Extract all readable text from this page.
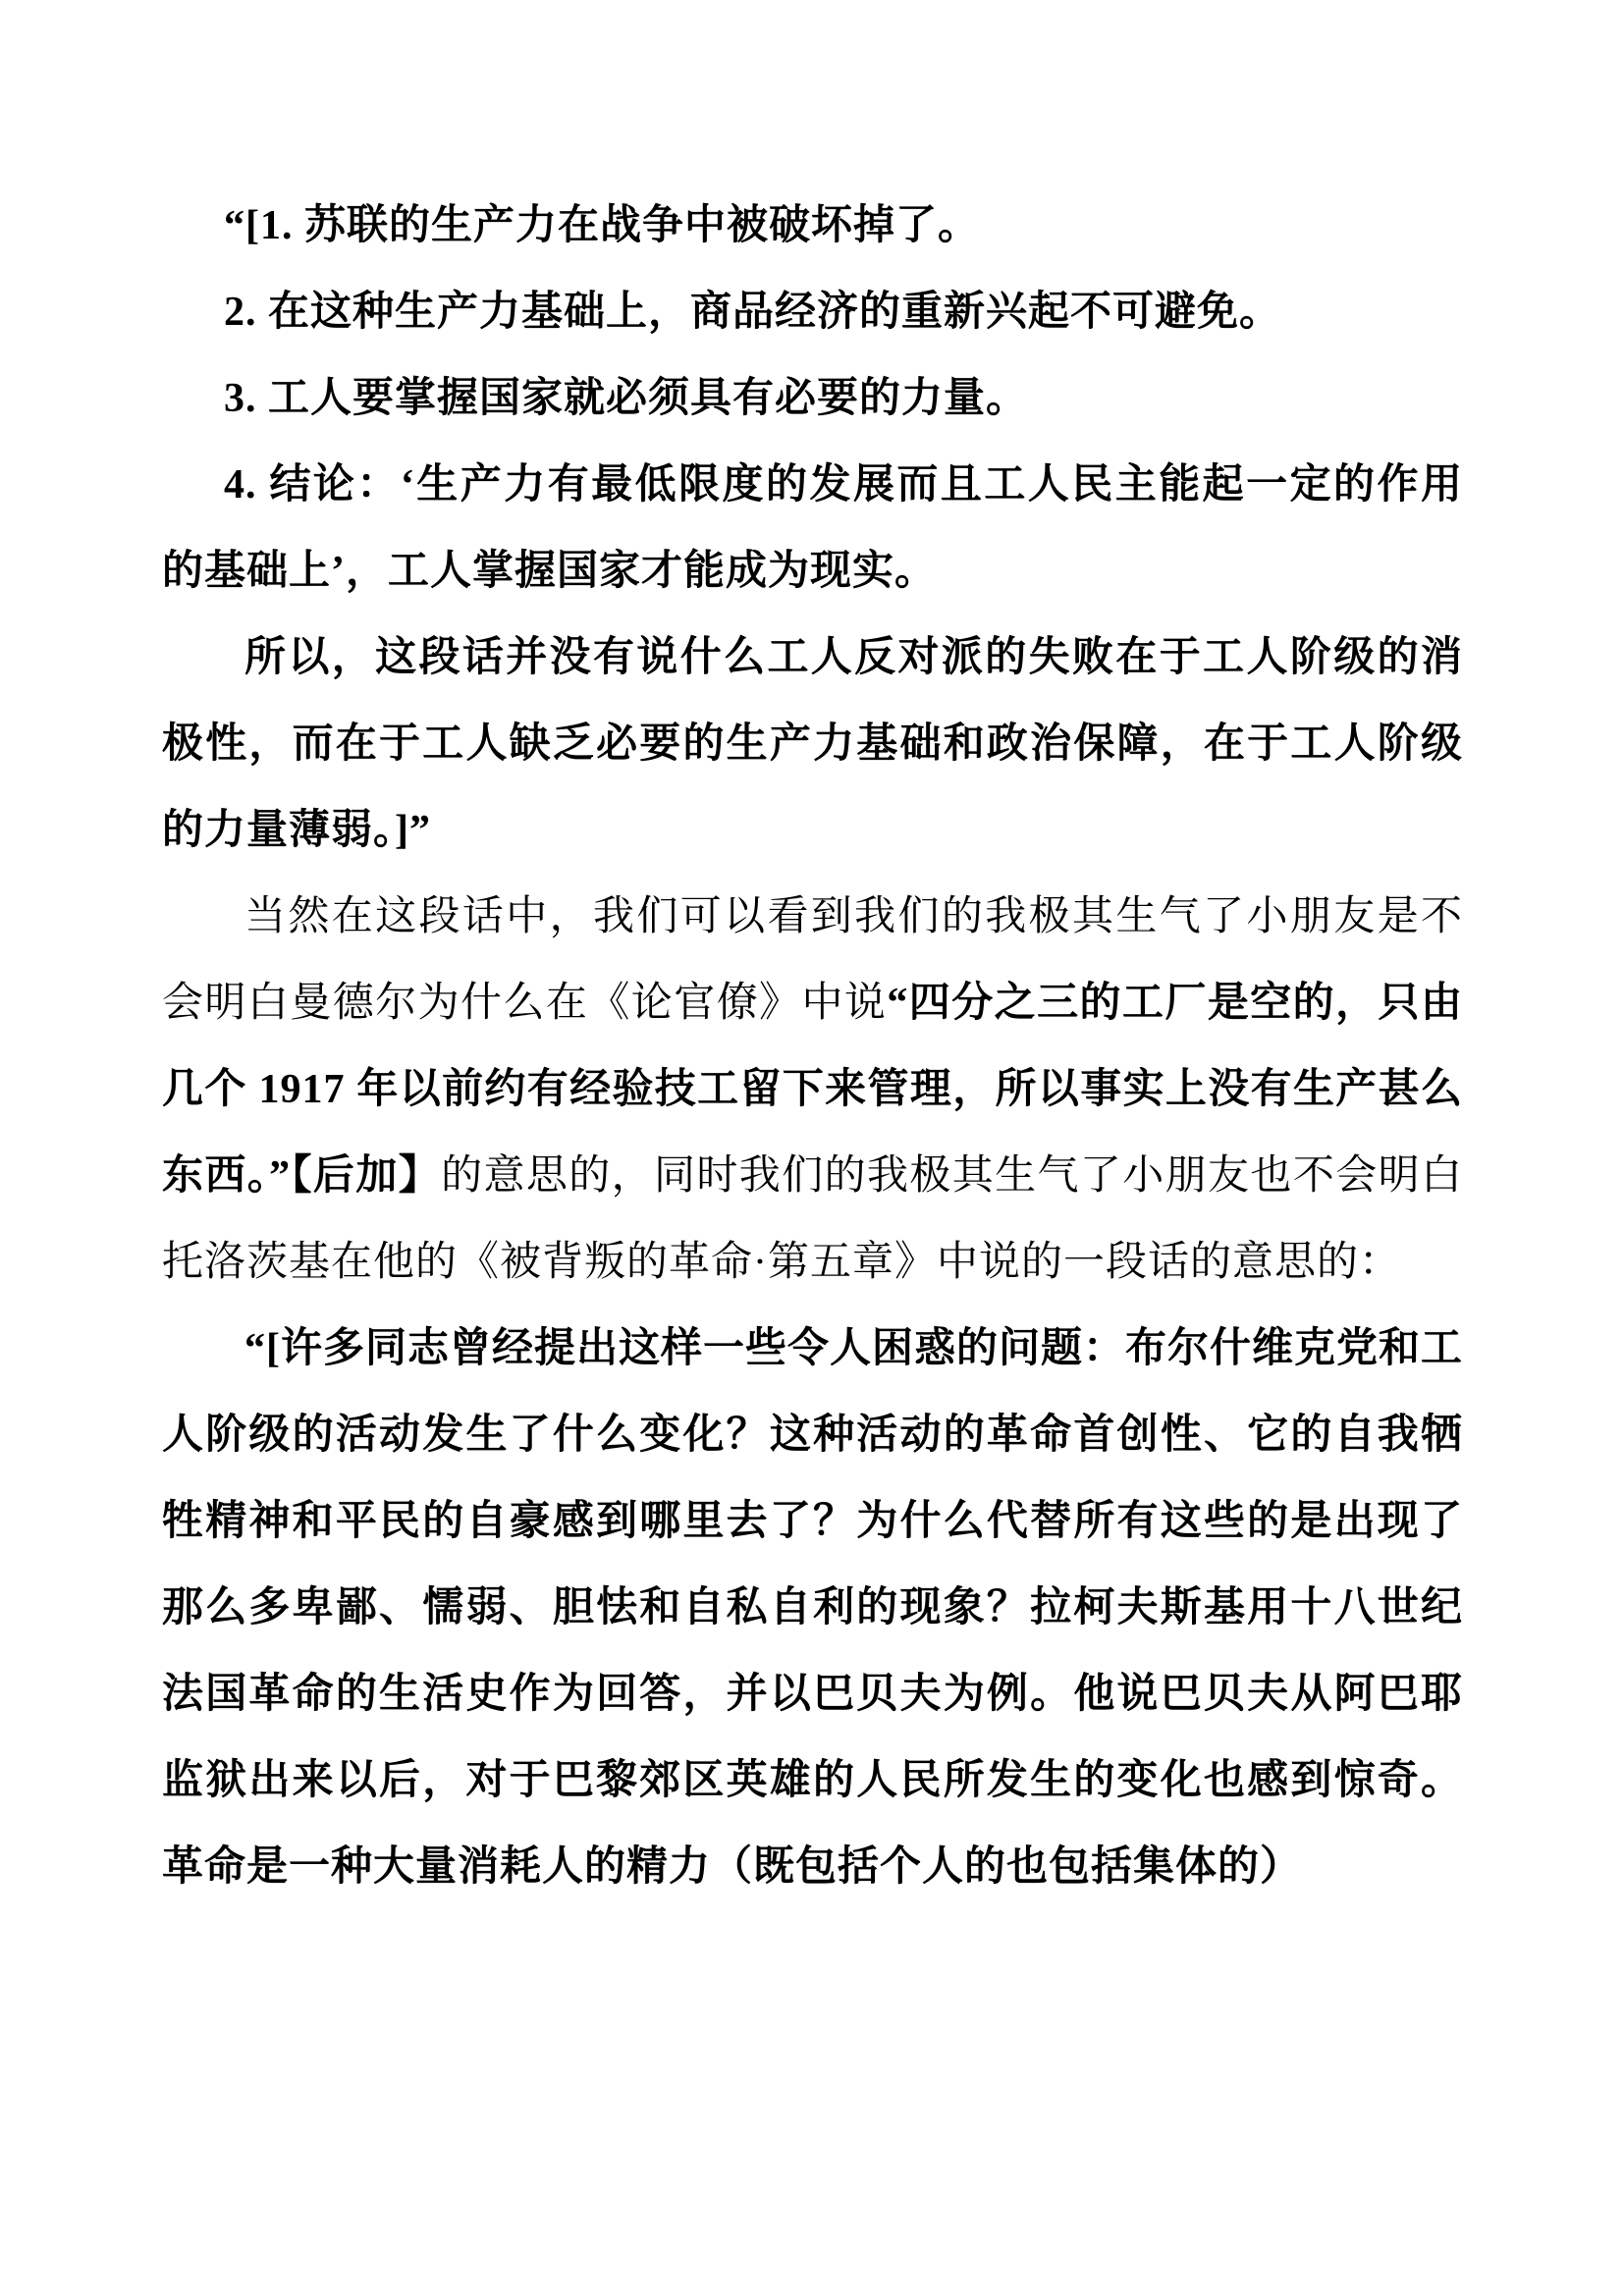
“[1. 苏联的生产力在战争中被破坏掉了。

2. 在这种生产力基础上，商品经济的重新兴起不可避免。

3. 工人要掌握国家就必须具有必要的力量。

4. 结论：‘生产力有最低限度的发展而且工人民主能起一定的作用的基础上’，工人掌握国家才能成为现实。

所以，这段话并没有说什么工人反对派的失败在于工人阶级的消极性，而在于工人缺乏必要的生产力基础和政治保障，在于工人阶级的力量薄弱。]”

当然在这段话中，我们可以看到我们的我极其生气了小朋友是不会明白曼德尔为什么在《论官僚》中说“四分之三的工厂是空的，只由几个 1917 年以前约有经验技工留下来管理，所以事实上没有生产甚么东西。”【后加】的意思的，同时我们的我极其生气了小朋友也不会明白托洛茨基在他的《被背叛的革命·第五章》中说的一段话的意思的：

“[许多同志曾经提出这样一些令人困惑的问题：布尔什维克党和工人阶级的活动发生了什么变化？这种活动的革命首创性、它的自我牺牲精神和平民的自豪感到哪里去了？为什么代替所有这些的是出现了那么多卑鄙、懦弱、胆怯和自私自利的现象？拉柯夫斯基用十八世纪法国革命的生活史作为回答，并以巴贝夫为例。他说巴贝夫从阿巴耶监狱出来以后，对于巴黎郊区英雄的人民所发生的变化也感到惊奇。革命是一种大量消耗人的精力（既包括个人的也包括集体的）
